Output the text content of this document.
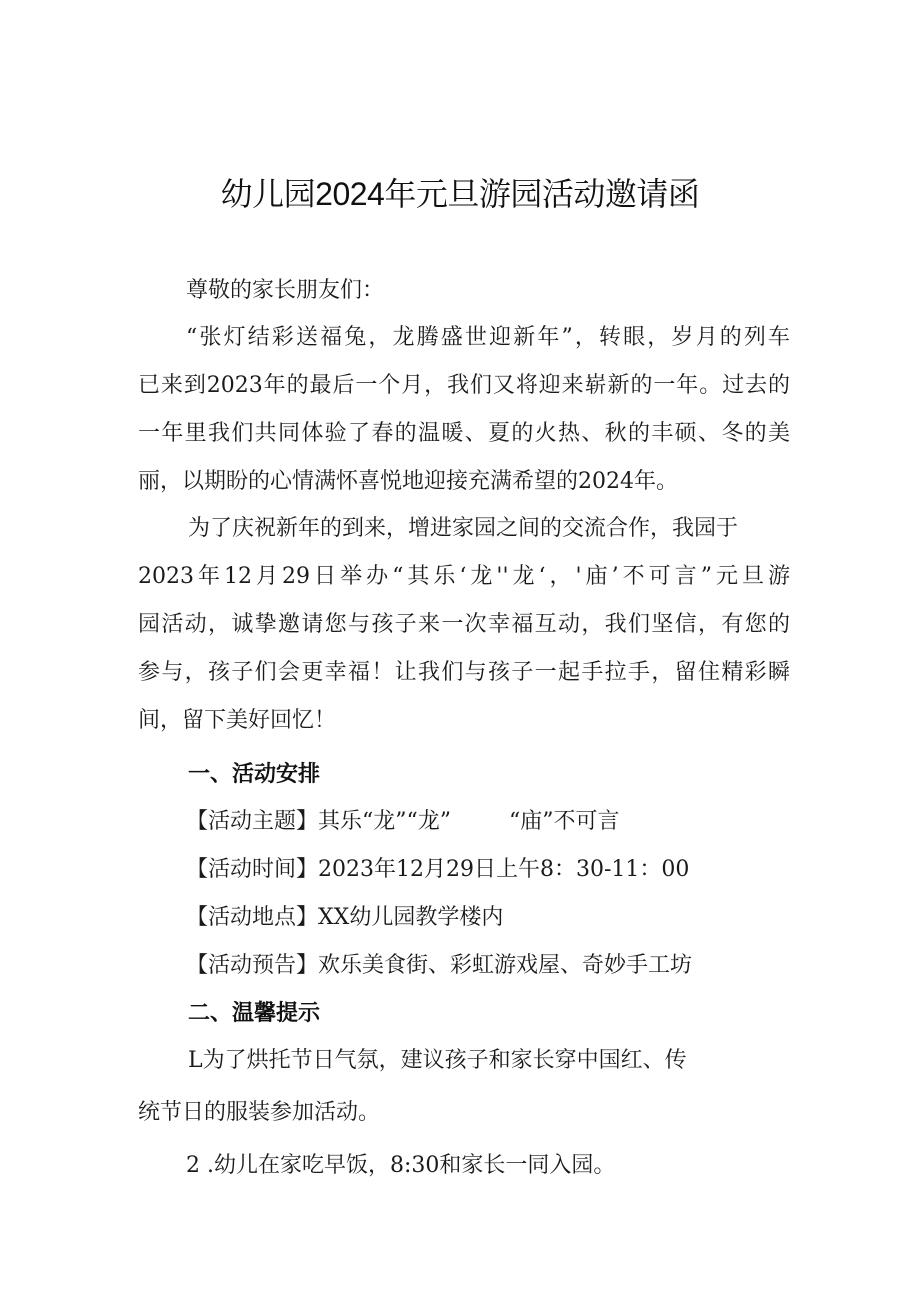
幼儿园2024年元旦游园活动邀请函
尊敬的家长朋友们：
“张灯结彩送福兔，龙腾盛世迎新年”，转眼，岁月的列车
已来到2023年的最后一个月，我们又将迎来崭新的一年。过去的
一年里我们共同体验了春的温暖、夏的火热、秋的丰硕、冬的美
丽，以期盼的心情满怀喜悦地迎接充满希望的2024年。
为了庆祝新年的到来，增进家园之间的交流合作，我园于
2023年12月29日举办“其乐‘龙''龙‘，'庙’不可言”元旦游
园活动，诚挚邀请您与孩子来一次幸福互动，我们坚信，有您的
参与，孩子们会更幸福！让我们与孩子一起手拉手，留住精彩瞬
间，留下美好回忆！
一、活动安排
【活动主题】其乐“龙”“龙”	“庙”不可言
【活动时间】2023年12月29日上午8：30-11：00
【活动地点】XX幼儿园教学楼内
【活动预告】欢乐美食街、彩虹游戏屋、奇妙手工坊
二、温馨提示
L为了烘托节日气氛，建议孩子和家长穿中国红、传
统节日的服装参加活动。
2 .幼儿在家吃早饭，8:30和家长一同入园。
